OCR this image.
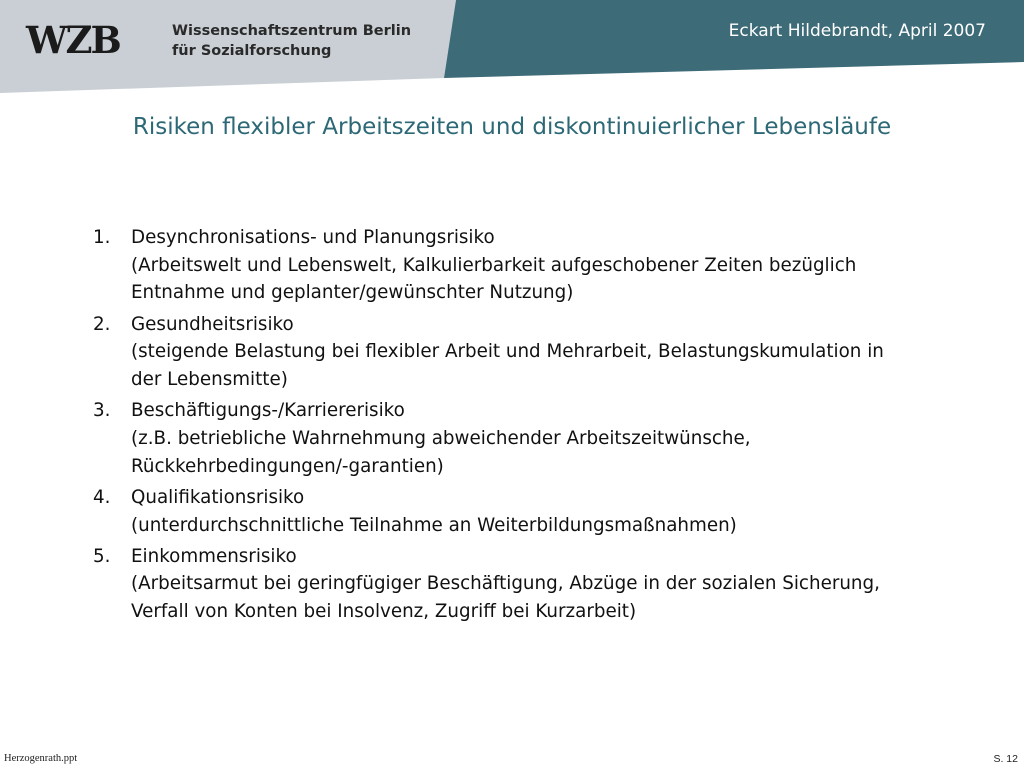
WZB	Wissenschaftszentrum Berlin
für Sozialforschung
Eckart Hildebrandt, April 2007
Risiken flexibler Arbeitszeiten und diskontinuierlicher Lebensläufe
1.	Desynchronisations- und Planungsrisiko
(Arbeitswelt und Lebenswelt, Kalkulierbarkeit aufgeschobener Zeiten bezüglich
Entnahme und geplanter/gewünschter Nutzung)
2.	Gesundheitsrisiko
(steigende Belastung bei flexibler Arbeit und Mehrarbeit, Belastungskumulation in
der Lebensmitte)
3.	Beschäftigungs-/Karriererisiko
(z.B. betriebliche Wahrnehmung abweichender Arbeitszeitwünsche,
Rückkehrbedingungen/-garantien)
4.	Qualifikationsrisiko
(unterdurchschnittliche Teilnahme an Weiterbildungsmaßnahmen)
5.	Einkommensrisiko
(Arbeitsarmut bei geringfügiger Beschäftigung, Abzüge in der sozialen Sicherung,
Verfall von Konten bei Insolvenz, Zugriff bei Kurzarbeit)
Herzogenrath.ppt	S. 12
